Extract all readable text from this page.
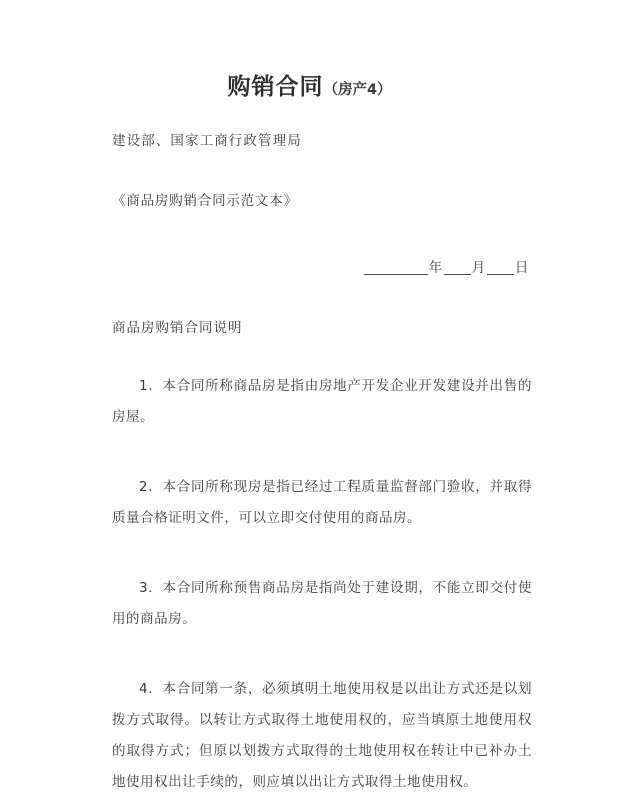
购销合同（房产4）
建设部、国家工商行政管理局
《商品房购销合同示范文本》
年 月 日
商品房购销合同说明

1．本合同所称商品房是指由房地产开发企业开发建设并出售的房屋。

2．本合同所称现房是指已经过工程质量监督部门验收，并取得质量合格证明文件，可以立即交付使用的商品房。

3．本合同所称预售商品房是指尚处于建设期，不能立即交付使用的商品房。

4．本合同第一条，必须填明土地使用权是以出让方式还是以划拨方式取得。以转让方式取得土地使用权的，应当填原土地使用权的取得方式；但原以划拨方式取得的土地使用权在转让中已补办土地使用权出让手续的，则应填以出让方式取得土地使用权。
